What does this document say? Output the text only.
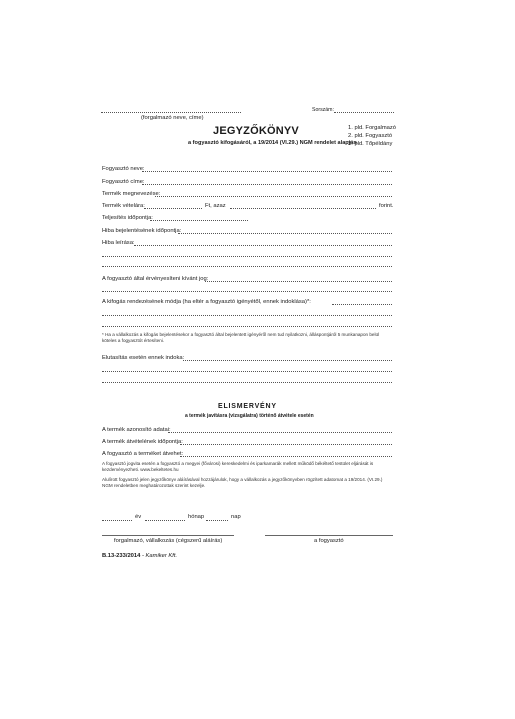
(forgalmazó neve, címe)
Sorszám:
JEGYZŐKÖNYV
a fogyasztó kifogásáról, a 19/2014 (VI.29.) NGM rendelet alapján
1. pld. Forgalmazó
2. pld. Fogyasztó
3. pld. Tőpéldány
Fogyasztó neve:
Fogyasztó címe:
Termék megnevezése:
Termék vételára:	Ft, azaz	forint.
Teljesítés időpontja:
Hiba bejelentésének időpontja:
Hiba leírása:
A fogyasztó által érvényesíteni kívánt jog:
A kifogás rendezésének módja (ha eltér a fogyasztó igényétől, ennek indoklása)*:
* Ha a vállalkozás a kifogás bejelentésekor a fogyasztó által bejelentett igényéről nem tud nyilatkozni, álláspontjáról 5 munkanapon belül köteles a fogyasztót értesíteni.
Elutasítás esetén ennek indoka:
ELISMERVÉNY
a termék javításra (vizsgálatra) történő átvétele esetén
A termék azonosító adatai:
A termék átvételének időpontja:
A fogyasztó a terméket átvehet:
A fogyasztó jogvita esetén a fogyasztó a megyei (fővárosi) kereskedelmi és iparkamarák mellett működő békéltető testület eljárását is kezdeményezheti. www.bekeltetes.hu
Alulírott fogyasztó jelen jegyzőkönyv aláírásával hozzájárulok, hogy a vállalkozás a jegyzőkönyvben rögzített adatomat a 19/2014. (VI.29.) NGM rendeletben meghatározottak szerint kezelje.
év	hónap	nap
forgalmazó, vállalkozás (cégszerű aláírás)	a fogyasztó
B.13-233/2014 - Kamiker Kft.
